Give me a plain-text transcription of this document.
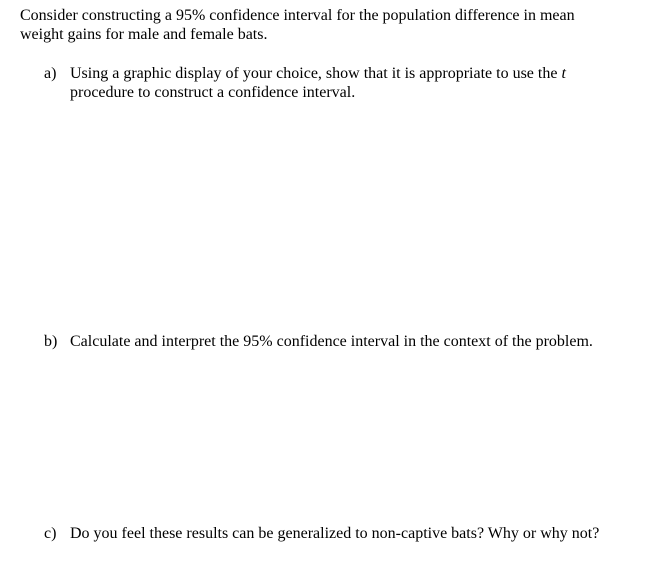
Consider constructing a 95% confidence interval for the population difference in mean weight gains for male and female bats.

a) Using a graphic display of your choice, show that it is appropriate to use the t procedure to construct a confidence interval.
b) Calculate and interpret the 95% confidence interval in the context of the problem.
c) Do you feel these results can be generalized to non-captive bats? Why or why not?
